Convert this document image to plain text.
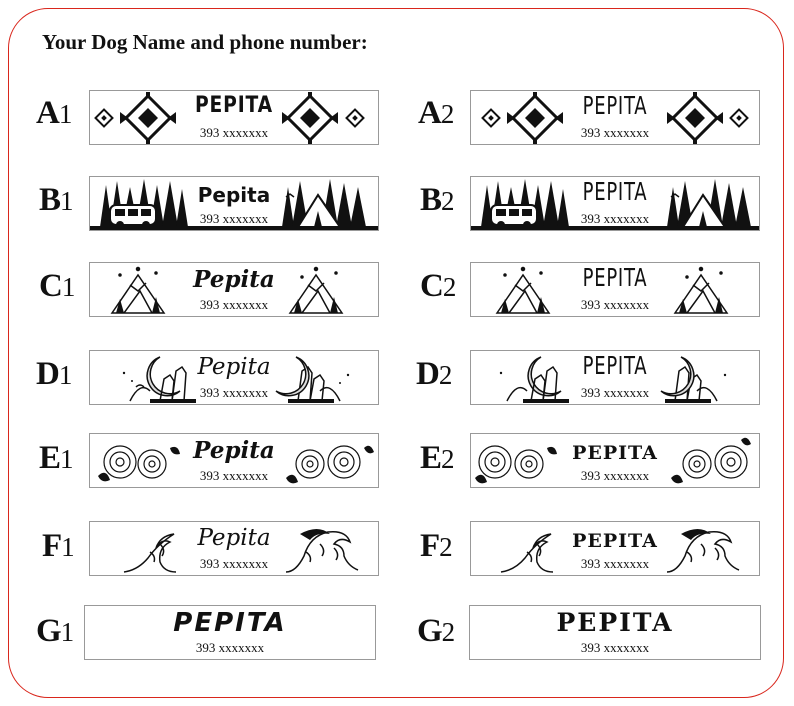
Your Dog Name and phone number:
A1	PEPITA
393 xxxxxxx
A2	PEPITA
393 xxxxxxx
B1	Pepita
393 xxxxxxx
B2	PEPITA
393 xxxxxxx
C1	Pepita
393 xxxxxxx
C2	PEPITA
393 xxxxxxx
D1	Pepita
393 xxxxxxx
D2	PEPITA
393 xxxxxxx
E1	Pepita
393 xxxxxxx	E2	PEPITA
393 xxxxxxx
F1	Pepita
393 xxxxxxx	F2	PEPITA
393 xxxxxxx
G1	PEPITA
393 xxxxxxx	G2	PEPITA
393 xxxxxxx
